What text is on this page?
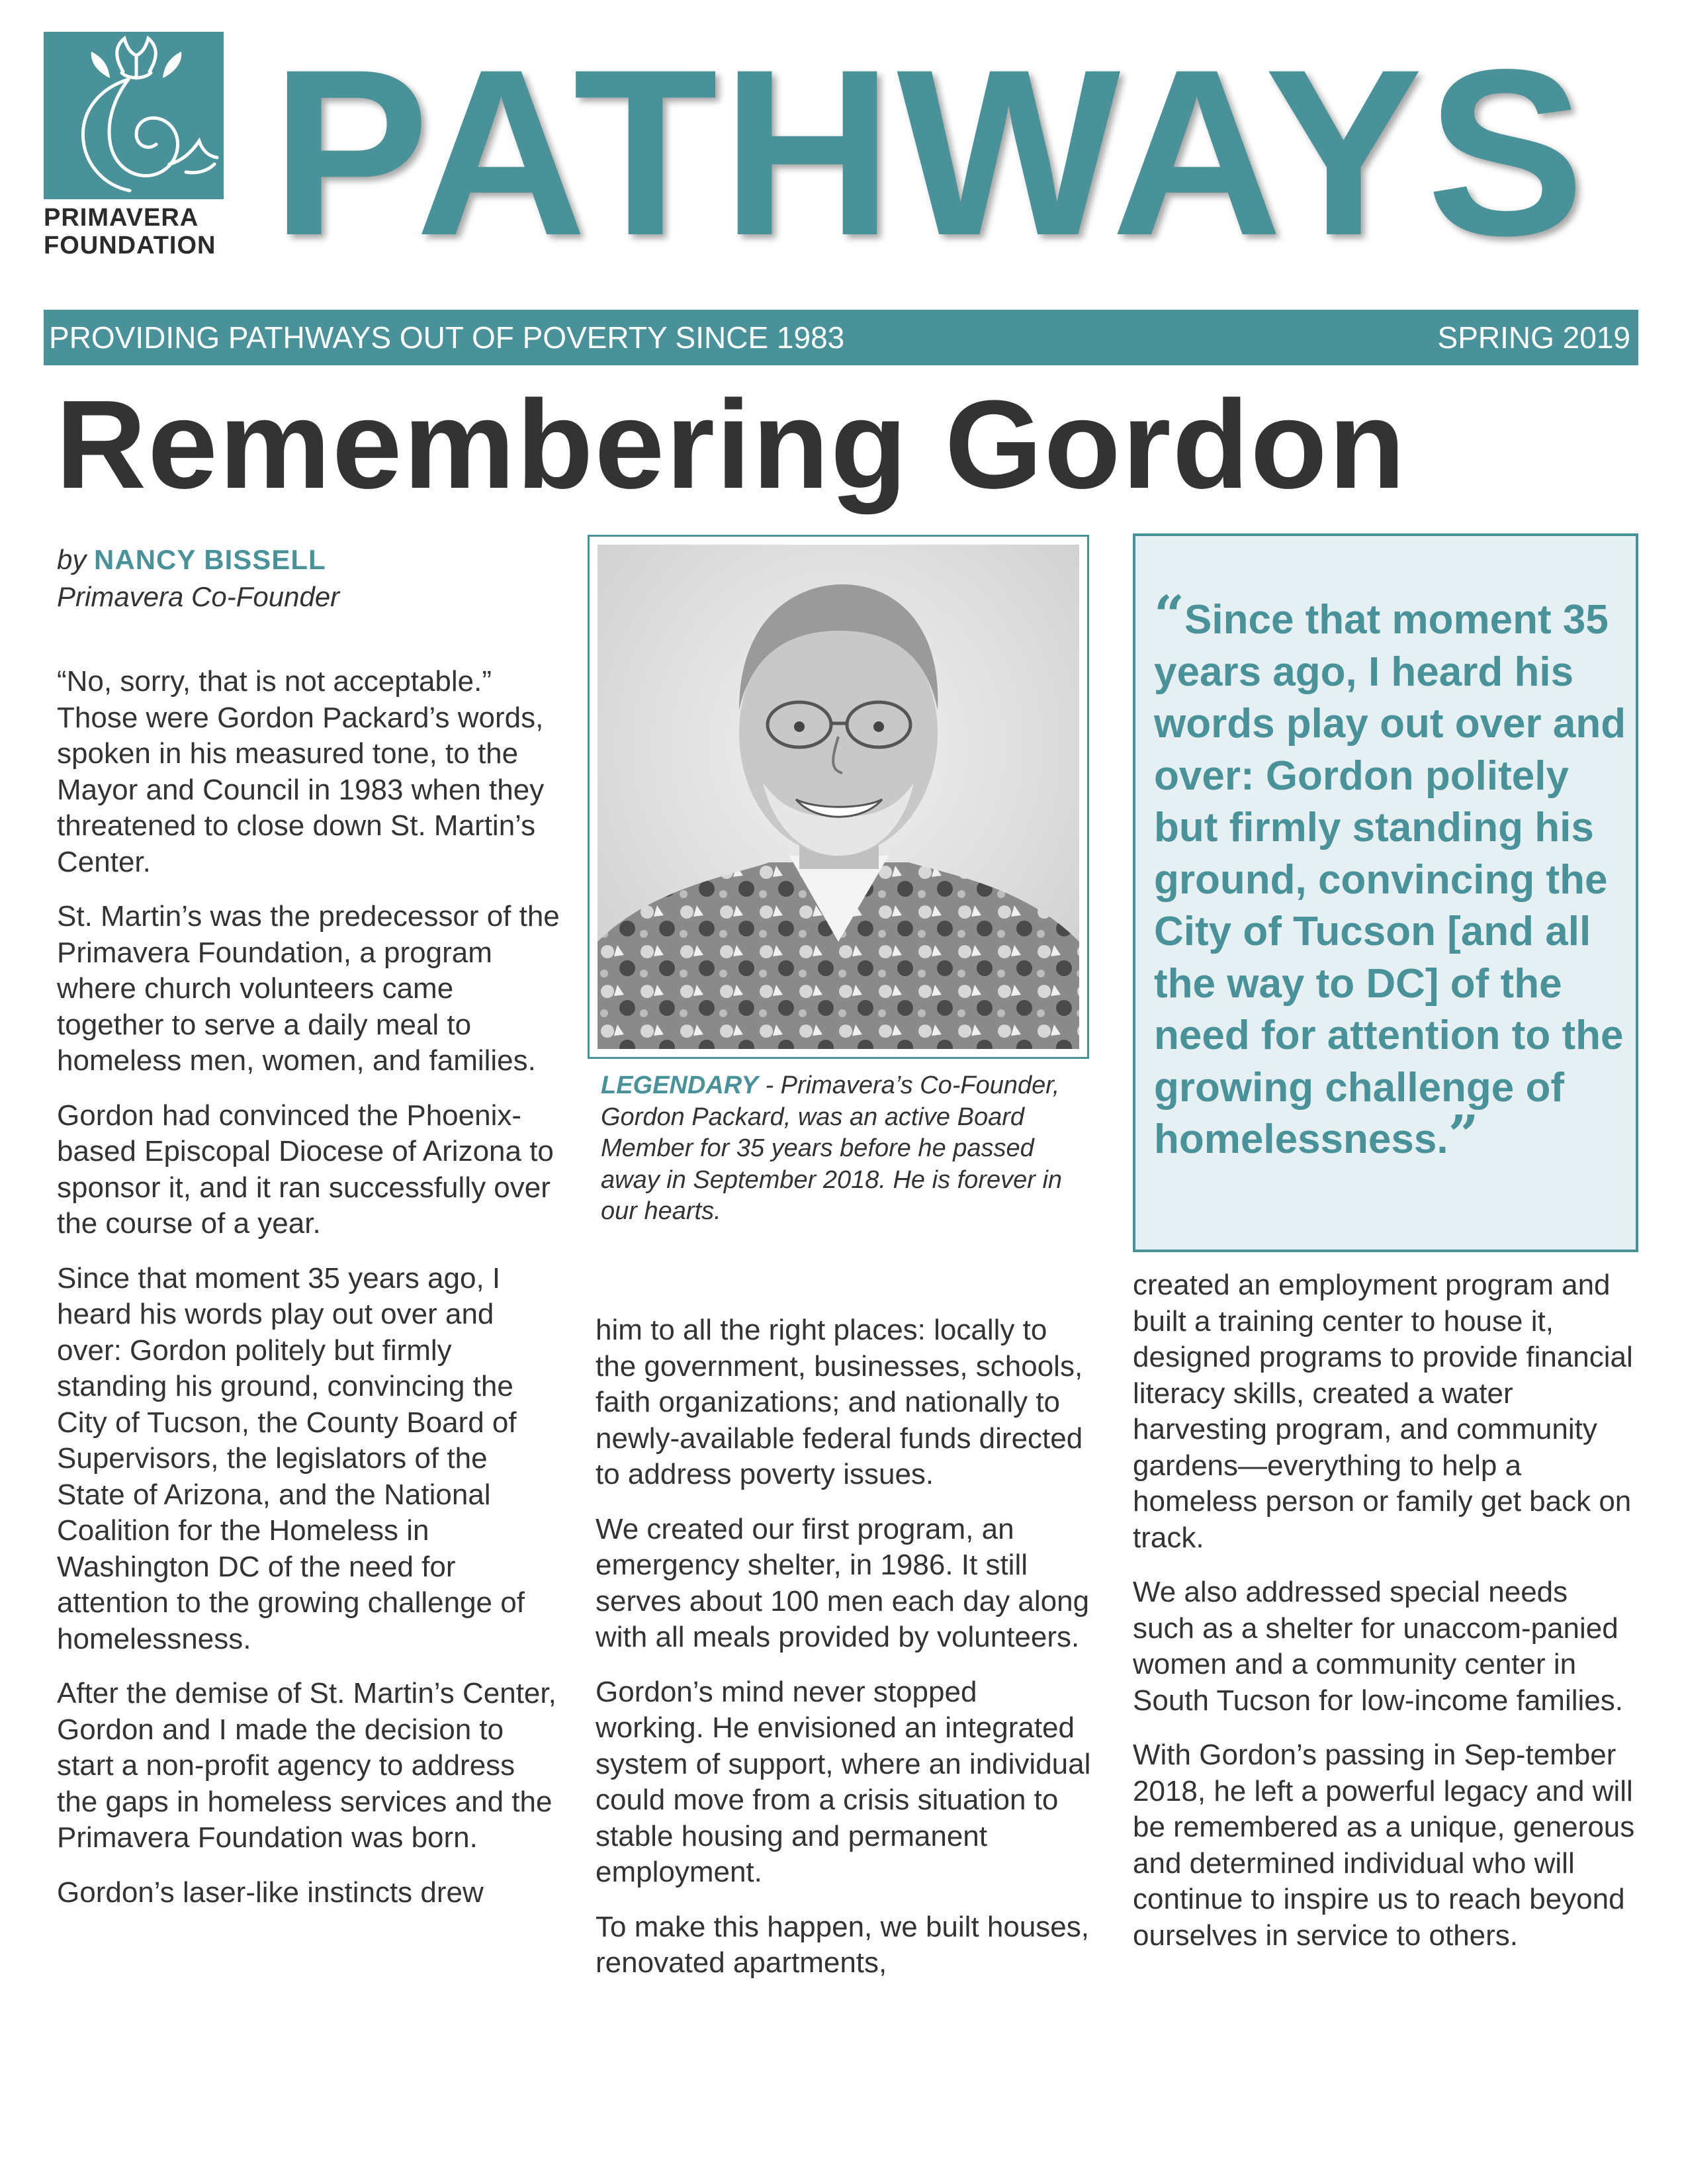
PRIMAVERA
FOUNDATION PATHWAYS
PROVIDING PATHWAYS OUT OF POVERTY SINCE 1983	SPRING 2019
Remembering Gordon
by NANCY BISSELL
Primavera Co-Founder

“No, sorry, that is not acceptable.” Those were Gordon Packard’s words, spoken in his measured tone, to the Mayor and Council in 1983 when they threatened to close down St. Martin’s Center.

St. Martin’s was the predecessor of the Primavera Foundation, a program where church volunteers came together to serve a daily meal to homeless men, women, and families.

Gordon had convinced the Phoenix-based Episcopal Diocese of Arizona to sponsor it, and it ran successfully over the course of a year.

Since that moment 35 years ago, I heard his words play out over and over: Gordon politely but firmly standing his ground, convincing the City of Tucson, the County Board of Supervisors, the legislators of the State of Arizona, and the National Coalition for the Homeless in Washington DC of the need for attention to the growing challenge of homelessness.

After the demise of St. Martin’s Center, Gordon and I made the decision to start a non-profit agency to address the gaps in homeless services and the Primavera Foundation was born.

Gordon’s laser-like instincts drew

LEGENDARY - Primavera’s Co-Founder, Gordon Packard, was an active Board Member for 35 years before he passed away in September 2018. He is forever in our hearts.
“Since that moment 35 years ago, I heard his words play out over and over: Gordon politely but firmly standing his ground, convincing the City of Tucson [and all the way to DC] of the need for attention to the growing challenge of homelessness.”

him to all the right places: locally to the government, businesses, schools, faith organizations; and nationally to newly-available federal funds directed to address poverty issues.

We created our first program, an emergency shelter, in 1986. It still serves about 100 men each day along with all meals provided by volunteers.

Gordon’s mind never stopped working. He envisioned an integrated system of support, where an individual could move from a crisis situation to stable housing and permanent employment.

To make this happen, we built houses, renovated apartments,

created an employment program and built a training center to house it, designed programs to provide financial literacy skills, created a water harvesting program, and community gardens—everything to help a homeless person or family get back on track.

We also addressed special needs such as a shelter for unaccom-panied women and a community center in South Tucson for low-income families.

With Gordon’s passing in Sep-tember 2018, he left a powerful legacy and will be remembered as a unique, generous and determined individual who will continue to inspire us to reach beyond ourselves in service to others.
